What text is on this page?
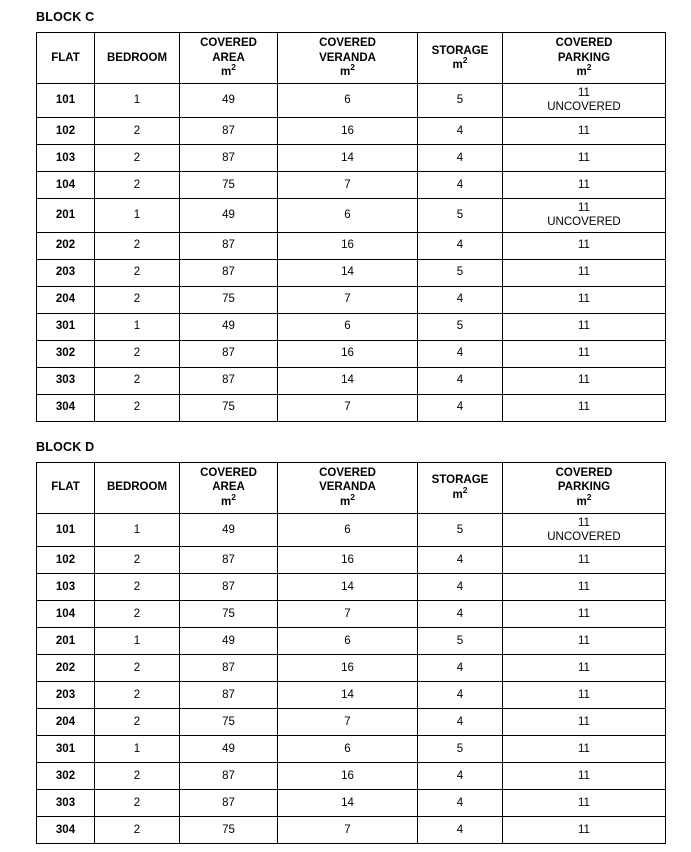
BLOCK C
FLAT	BEDROOM	COVERED
AREA
$m^2$	COVERED
VERANDA
$m^2$	STORAGE
$m^2$	COVERED
PARKING
$m^2$

101	1	49	6	5	11
UNCOVERED

102	2	87	16	4	11
103	2	87	14	4	11
104	2	75	7	4	11
201	1	49	6	5	11
UNCOVERED

202	2	87	16	4	11
203	2	87	14	5	11
204	2	75	7	4	11
301	1	49	6	5	11
302	2	87	16	4	11
303	2	87	14	4	11
304	2	75	7	4	11
BLOCK D
FLAT	BEDROOM	COVERED
AREA
$m^2$	COVERED
VERANDA
$m^2$	STORAGE
$m^2$	COVERED
PARKING
$m^2$

101	1	49	6	5	11
UNCOVERED

102	2	87	16	4	11
103	2	87	14	4	11
104	2	75	7	4	11
201	1	49	6	5	11
202	2	87	16	4	11
203	2	87	14	4	11
204	2	75	7	4	11
301	1	49	6	5	11
302	2	87	16	4	11
303	2	87	14	4	11
304	2	75	7	4	11
